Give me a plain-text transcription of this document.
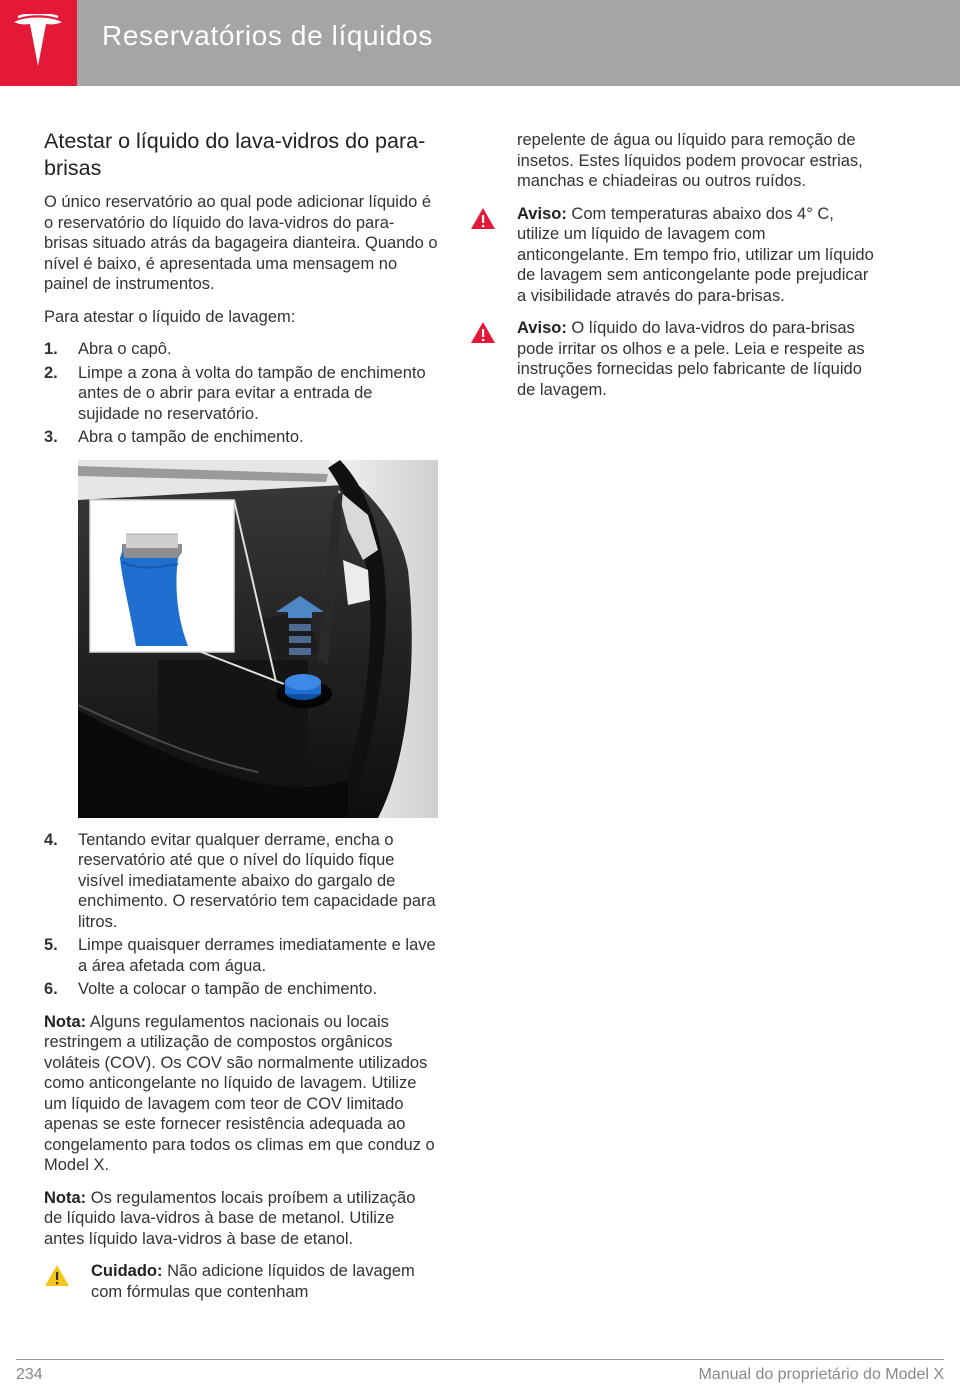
Reservatórios de líquidos
Atestar o líquido do lava-vidros do para-brisas

O único reservatório ao qual pode adicionar líquido é o reservatório do líquido do lava-vidros do para-brisas situado atrás da bagageira dianteira. Quando o nível é baixo, é apresentada uma mensagem no painel de instrumentos.

Para atestar o líquido de lavagem:

1.	Abra o capô.
2.	Limpe a zona à volta do tampão de enchimento antes de o abrir para evitar a entrada de sujidade no reservatório.
3.	Abra o tampão de enchimento.
4.	Tentando evitar qualquer derrame, encha o reservatório até que o nível do líquido fique visível imediatamente abaixo do gargalo de enchimento. O reservatório tem capacidade para litros.
5.	Limpe quaisquer derrames imediatamente e lave a área afetada com água.
6.	Volte a colocar o tampão de enchimento.

Nota: Alguns regulamentos nacionais ou locais restringem a utilização de compostos orgânicos voláteis (COV). Os COV são normalmente utilizados como anticongelante no líquido de lavagem. Utilize um líquido de lavagem com teor de COV limitado apenas se este fornecer resistência adequada ao congelamento para todos os climas em que conduz o Model X.

Nota: Os regulamentos locais proíbem a utilização de líquido lava-vidros à base de metanol. Utilize antes líquido lava-vidros à base de etanol.

Cuidado: Não adicione líquidos de lavagem com fórmulas que contenham

repelente de água ou líquido para remoção de insetos. Estes líquidos podem provocar estrias, manchas e chiadeiras ou outros ruídos.

Aviso: Com temperaturas abaixo dos 4° C, utilize um líquido de lavagem com anticongelante. Em tempo frio, utilizar um líquido de lavagem sem anticongelante pode prejudicar a visibilidade através do para-brisas.
Aviso: O líquido do lava-vidros do para-brisas pode irritar os olhos e a pele. Leia e respeite as instruções fornecidas pelo fabricante de líquido de lavagem.
234	Manual do proprietário do Model X
